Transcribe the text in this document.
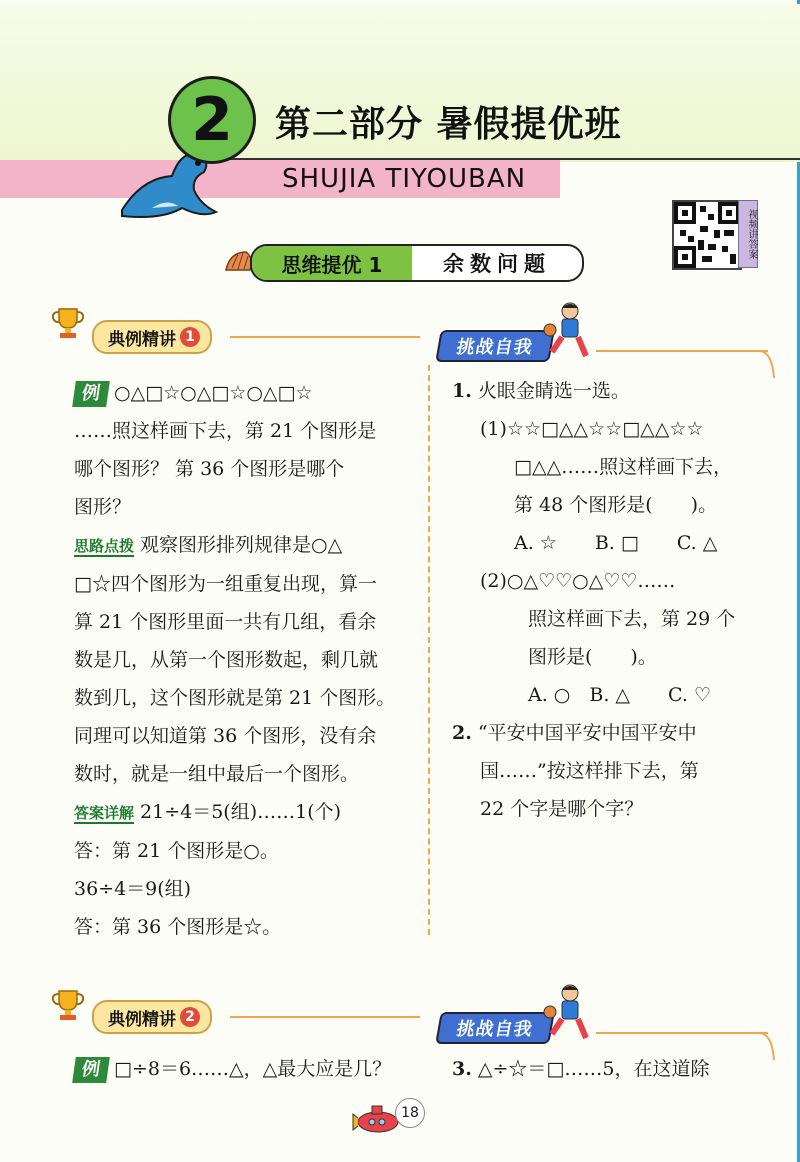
2 第二部分 暑假提优班
SHUJIA TIYOUBAN
视频讲答案
思维提优 1	余数问题
典例精讲 1	挑战自我
例 ○△□☆○△□☆○△□☆
……照这样画下去，第 21 个图形是
哪个图形？ 第 36 个图形是哪个
图形？
思路点拨 观察图形排列规律是○△
□☆四个图形为一组重复出现，算一
算 21 个图形里面一共有几组，看余
数是几，从第一个图形数起，剩几就
数到几，这个图形就是第 21 个图形。
同理可以知道第 36 个图形，没有余
数时，就是一组中最后一个图形。
答案详解 21÷4＝5(组)……1(个)
答：第 21 个图形是○。
36÷4＝9(组)
答：第 36 个图形是☆。
1. 火眼金睛选一选。
(1)☆☆□△△☆☆□△△☆☆
□△△……照这样画下去，
第 48 个图形是(　　)。
A. ☆　　B. □　　C. △
(2)○△♡♡○△♡♡……
照这样画下去，第 29 个
图形是(　　)。
A. ○　B. △　　C. ♡
2. “平安中国平安中国平安中
国……”按这样排下去，第
22 个字是哪个字？
典例精讲 2
挑战自我
例 □÷8＝6……△，△最大应是几？	3. △÷☆＝□……5，在这道除
18
